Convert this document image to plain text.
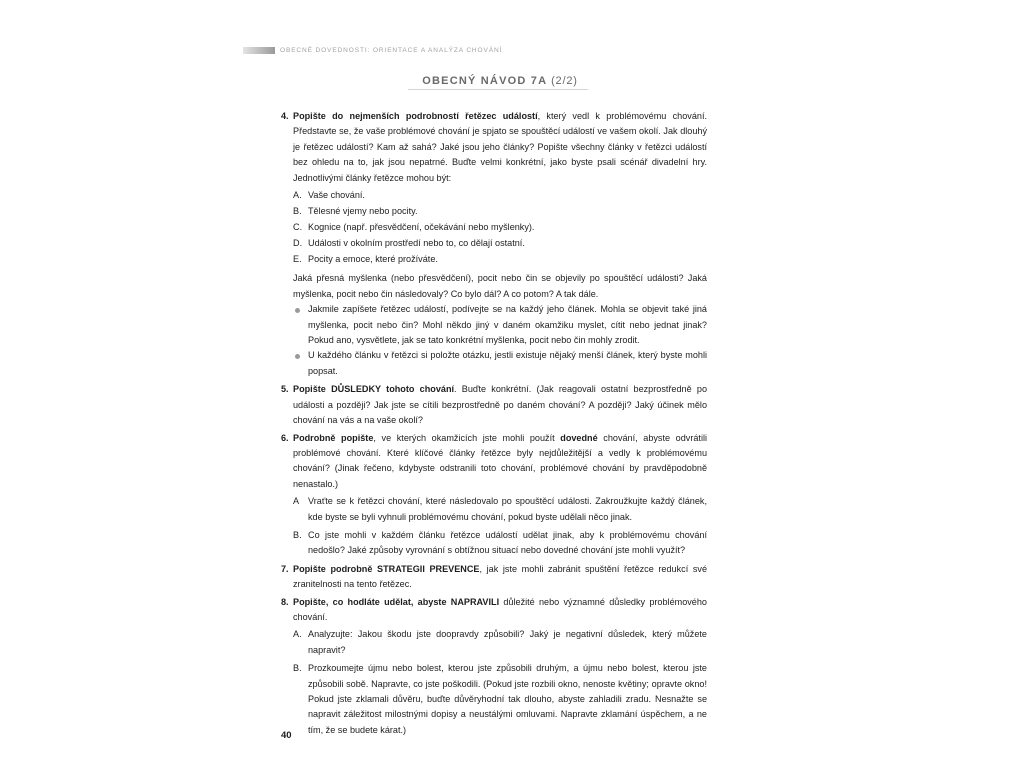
OBECNÉ DOVEDNOSTI: ORIENTACE A ANALÝZA CHOVÁNÍ
OBECNÝ NÁVOD 7A (2/2)
4. Popište do nejmenších podrobností řetězec událostí, který vedl k problémovému chování. Představte se, že vaše problémové chování je spjato se spouštěcí událostí ve vašem okolí. Jak dlouhý je řetězec událostí? Kam až sahá? Jaké jsou jeho články? Popište všechny články v řetězci událostí bez ohledu na to, jak jsou nepatrné. Buďte velmi konkrétní, jako byste psali scénář divadelní hry. Jednotlivými články řetězce mohou být:

A. Vaše chování.
B. Tělesné vjemy nebo pocity.
C. Kognice (např. přesvědčení, očekávání nebo myšlenky).
D. Události v okolním prostředí nebo to, co dělají ostatní.
E. Pocity a emoce, které prožíváte.

Jaká přesná myšlenka (nebo přesvědčení), pocit nebo čin se objevily po spouštěcí události? Jaká myšlenka, pocit nebo čin následovaly? Co bylo dál? A co potom? A tak dále.

Jakmile zapíšete řetězec událostí, podívejte se na každý jeho článek. Mohla se objevit také jiná myšlenka, pocit nebo čin? Mohl někdo jiný v daném okamžiku myslet, cítit nebo jednat jinak? Pokud ano, vysvětlete, jak se tato konkrétní myšlenka, pocit nebo čin mohly zrodit.
U každého článku v řetězci si položte otázku, jestli existuje nějaký menší článek, který byste mohli popsat.
5. Popište DŮSLEDKY tohoto chování. Buďte konkrétní. (Jak reagovali ostatní bezprostředně po události a později? Jak jste se cítili bezprostředně po daném chování? A později? Jaký účinek mělo chování na vás a na vaše okolí?

6. Podrobně popište, ve kterých okamžicích jste mohli použít dovedné chování, abyste odvrátili problémové chování. Které klíčové články řetězce byly nejdůležitější a vedly k problémovému chování? (Jinak řečeno, kdybyste odstranili toto chování, problémové chování by pravděpodobně nenastalo.)

A Vraťte se k řetězci chování, které následovalo po spouštěcí události. Zakroužkujte každý článek, kde byste se byli vyhnuli problémovému chování, pokud byste udělali něco jinak.
B. Co jste mohli v každém článku řetězce událostí udělat jinak, aby k problémovému chování nedošlo? Jaké způsoby vyrovnání s obtížnou situací nebo dovedné chování jste mohli využít?
7. Popište podrobně STRATEGII PREVENCE, jak jste mohli zabránit spuštění řetězce redukcí své zranitelnosti na tento řetězec.

8. Popište, co hodláte udělat, abyste NAPRAVILI důležité nebo významné důsledky problémového chování.

A. Analyzujte: Jakou škodu jste doopravdy způsobili? Jaký je negativní důsledek, který můžete napravit?
B. Prozkoumejte újmu nebo bolest, kterou jste způsobili druhým, a újmu nebo bolest, kterou jste způsobili sobě. Napravte, co jste poškodili. (Pokud jste rozbili okno, nenoste květiny; opravte okno! Pokud jste zklamali důvěru, buďte důvěryhodní tak dlouho, abyste zahladili zradu. Nesnažte se napravit záležitost milostnými dopisy a neustálými omluvami. Napravte zklamání úspěchem, a ne tím, že se budete kárat.)
40
